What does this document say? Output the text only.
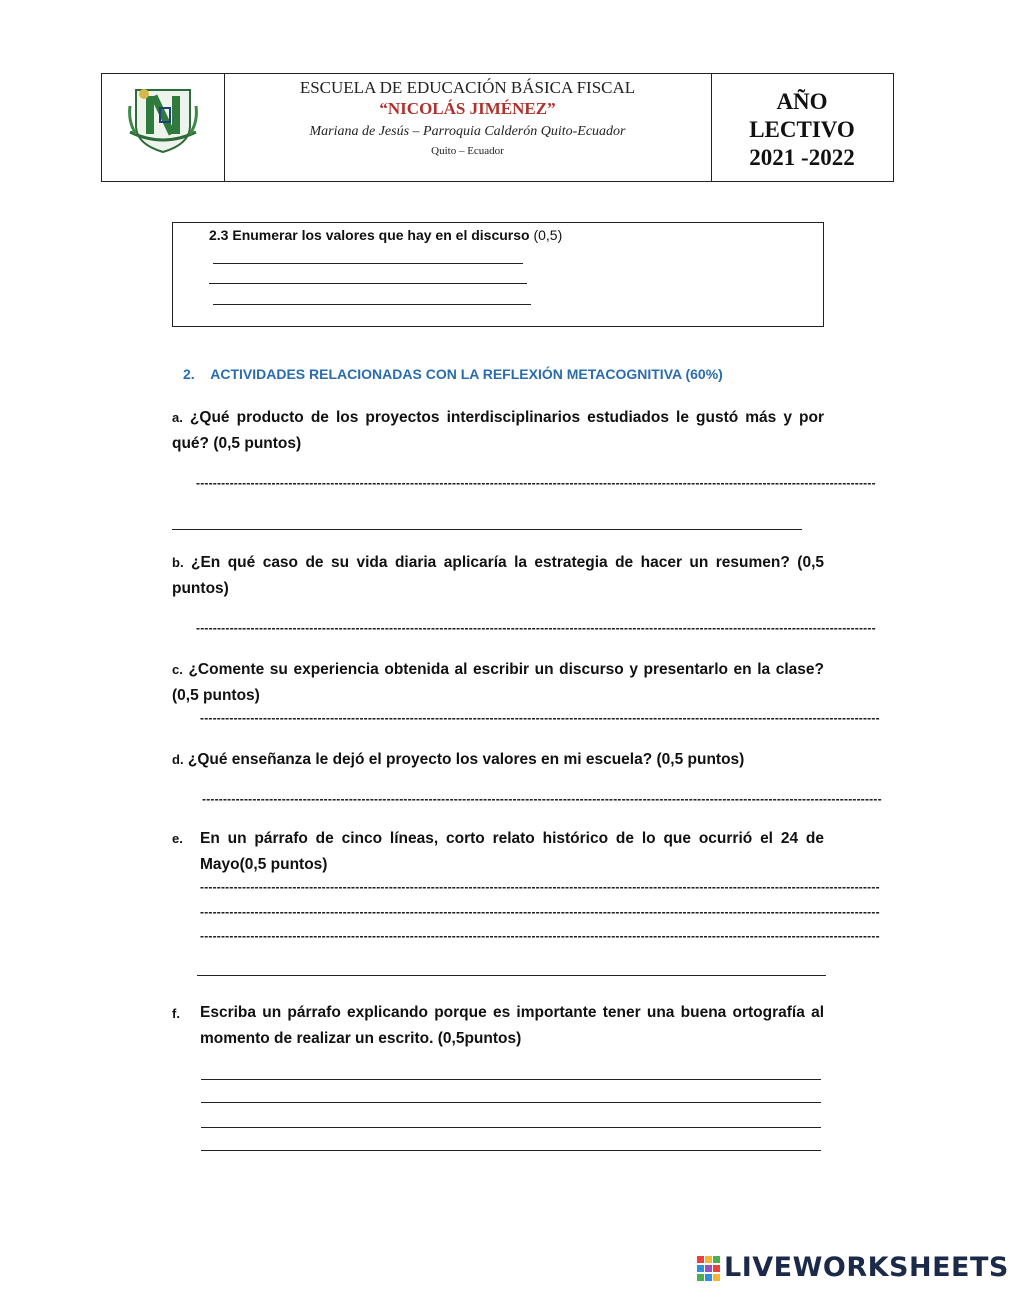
ESCUELA DE EDUCACIÓN BÁSICA FISCAL
“NICOLÁS JIMÉNEZ”
Mariana de Jesús – Parroquia Calderón Quito-Ecuador
Quito – Ecuador
AÑO
LECTIVO
2021 -2022
2.3 Enumerar los valores que hay en el discurso (0,5)
2. ACTIVIDADES RELACIONADAS CON LA REFLEXIÓN METACOGNITIVA (60%)
a. ¿Qué producto de los proyectos interdisciplinarios estudiados le gustó más y por qué? (0,5 puntos)
------------------------------------------------------------------------------------------------------------------------------------------------------------------
b. ¿En qué caso de su vida diaria aplicaría la estrategia de hacer un resumen? (0,5 puntos)
------------------------------------------------------------------------------------------------------------------------------------------------------------------
c. ¿Comente su experiencia obtenida al escribir un discurso y presentarlo en la clase? (0,5 puntos)
------------------------------------------------------------------------------------------------------------------------------------------------------------------
d. ¿Qué enseñanza le dejó el proyecto los valores en mi escuela? (0,5 puntos)
------------------------------------------------------------------------------------------------------------------------------------------------------------------
e. En un párrafo de cinco líneas, corto relato histórico de lo que ocurrió el 24 de Mayo(0,5 puntos)
------------------------------------------------------------------------------------------------------------------------------------------------------------------
------------------------------------------------------------------------------------------------------------------------------------------------------------------
------------------------------------------------------------------------------------------------------------------------------------------------------------------
f. Escriba un párrafo explicando porque es importante tener una buena ortografía al momento de realizar un escrito. (0,5puntos)
LIVEWORKSHEETS
